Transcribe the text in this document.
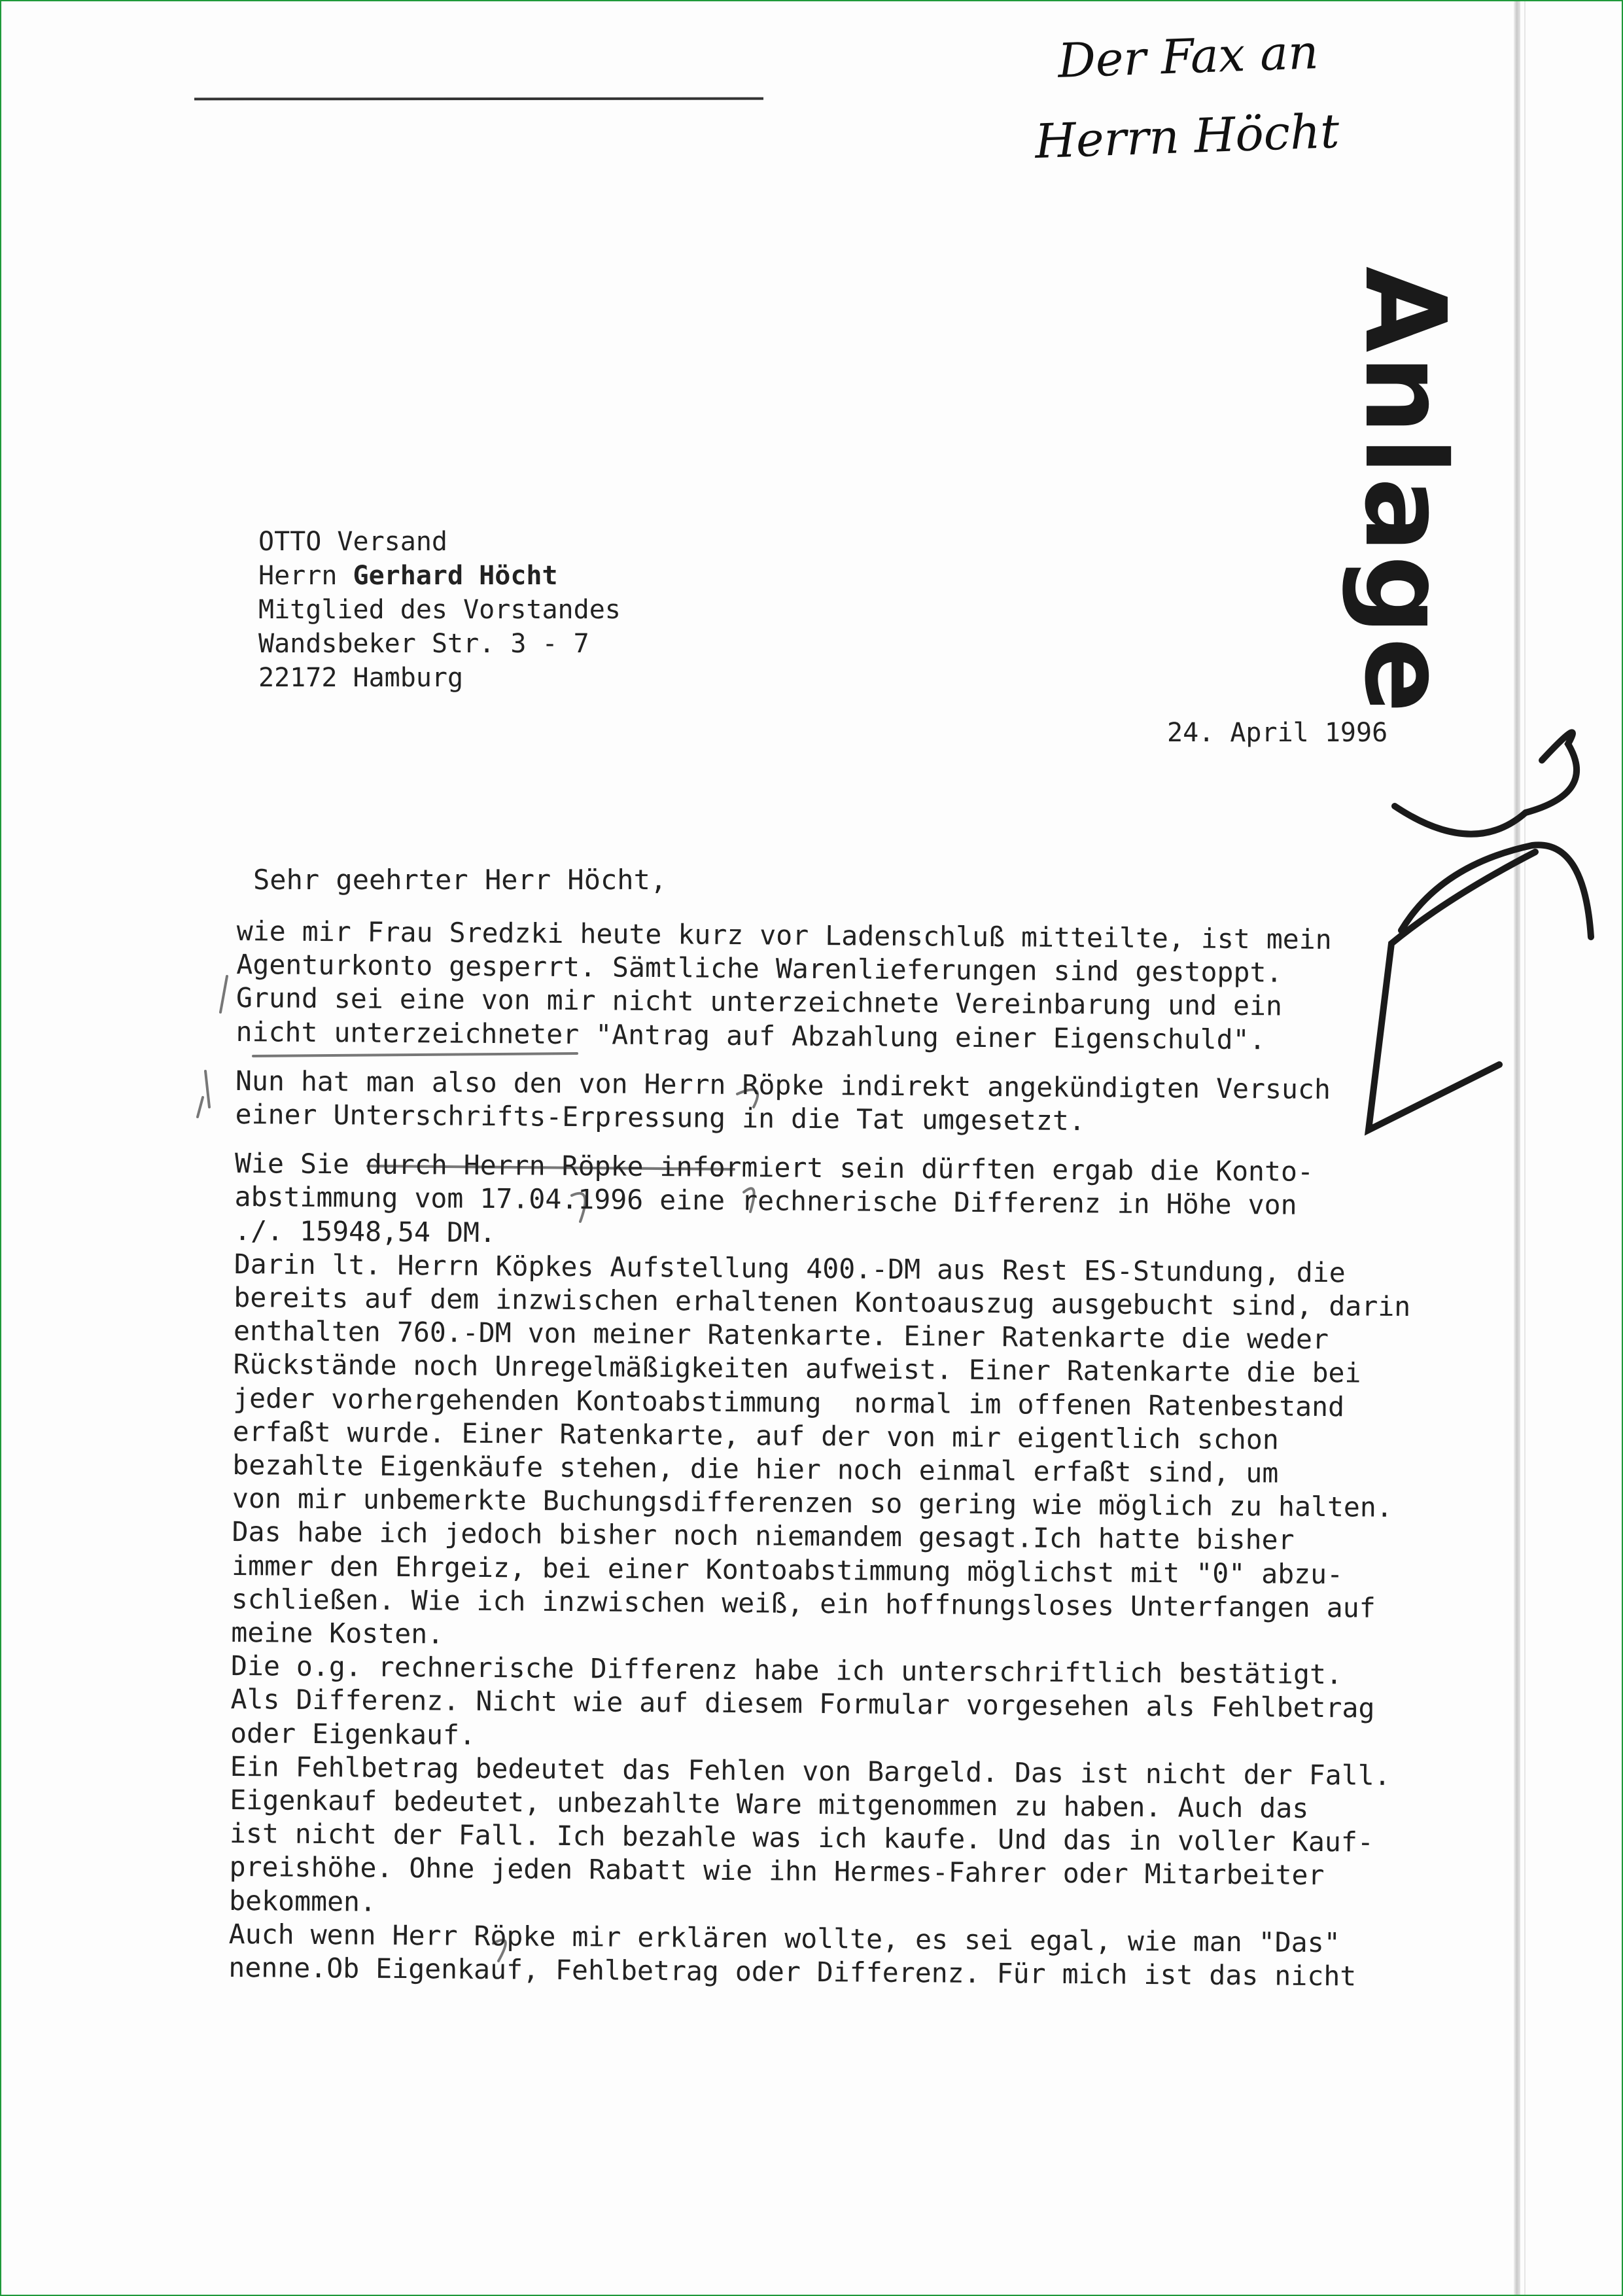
Der Fax an
Herrn Höcht
Anlage
OTTO Versand
Herrn Gerhard Höcht
Mitglied des Vorstandes
Wandsbeker Str. 3 - 7
22172 Hamburg
24. April 1996
Sehr geehrter Herr Höcht,
wie mir Frau Sredzki heute kurz vor Ladenschluß mitteilte, ist mein
Agenturkonto gesperrt. Sämtliche Warenlieferungen sind gestoppt.
Grund sei eine von mir nicht unterzeichnete Vereinbarung und ein
nicht unterzeichneter "Antrag auf Abzahlung einer Eigenschuld".
Nun hat man also den von Herrn Röpke indirekt angekündigten Versuch
einer Unterschrifts-Erpressung in die Tat umgesetzt.
Wie Sie durch Herrn Röpke informiert sein dürften ergab die Konto-
abstimmung vom 17.04.1996 eine rechnerische Differenz in Höhe von
./. 15948,54 DM.
Darin lt. Herrn Köpkes Aufstellung 400.-DM aus Rest ES-Stundung, die
bereits auf dem inzwischen erhaltenen Kontoauszug ausgebucht sind, darin
enthalten 760.-DM von meiner Ratenkarte. Einer Ratenkarte die weder
Rückstände noch Unregelmäßigkeiten aufweist. Einer Ratenkarte die bei
jeder vorhergehenden Kontoabstimmung  normal im offenen Ratenbestand
erfaßt wurde. Einer Ratenkarte, auf der von mir eigentlich schon
bezahlte Eigenkäufe stehen, die hier noch einmal erfaßt sind, um
von mir unbemerkte Buchungsdifferenzen so gering wie möglich zu halten.
Das habe ich jedoch bisher noch niemandem gesagt.Ich hatte bisher
immer den Ehrgeiz, bei einer Kontoabstimmung möglichst mit "0" abzu-
schließen. Wie ich inzwischen weiß, ein hoffnungsloses Unterfangen auf
meine Kosten.
Die o.g. rechnerische Differenz habe ich unterschriftlich bestätigt.
Als Differenz. Nicht wie auf diesem Formular vorgesehen als Fehlbetrag
oder Eigenkauf.
Ein Fehlbetrag bedeutet das Fehlen von Bargeld. Das ist nicht der Fall.
Eigenkauf bedeutet, unbezahlte Ware mitgenommen zu haben. Auch das
ist nicht der Fall. Ich bezahle was ich kaufe. Und das in voller Kauf-
preishöhe. Ohne jeden Rabatt wie ihn Hermes-Fahrer oder Mitarbeiter
bekommen.
Auch wenn Herr Röpke mir erklären wollte, es sei egal, wie man "Das"
nenne.Ob Eigenkauf, Fehlbetrag oder Differenz. Für mich ist das nicht
